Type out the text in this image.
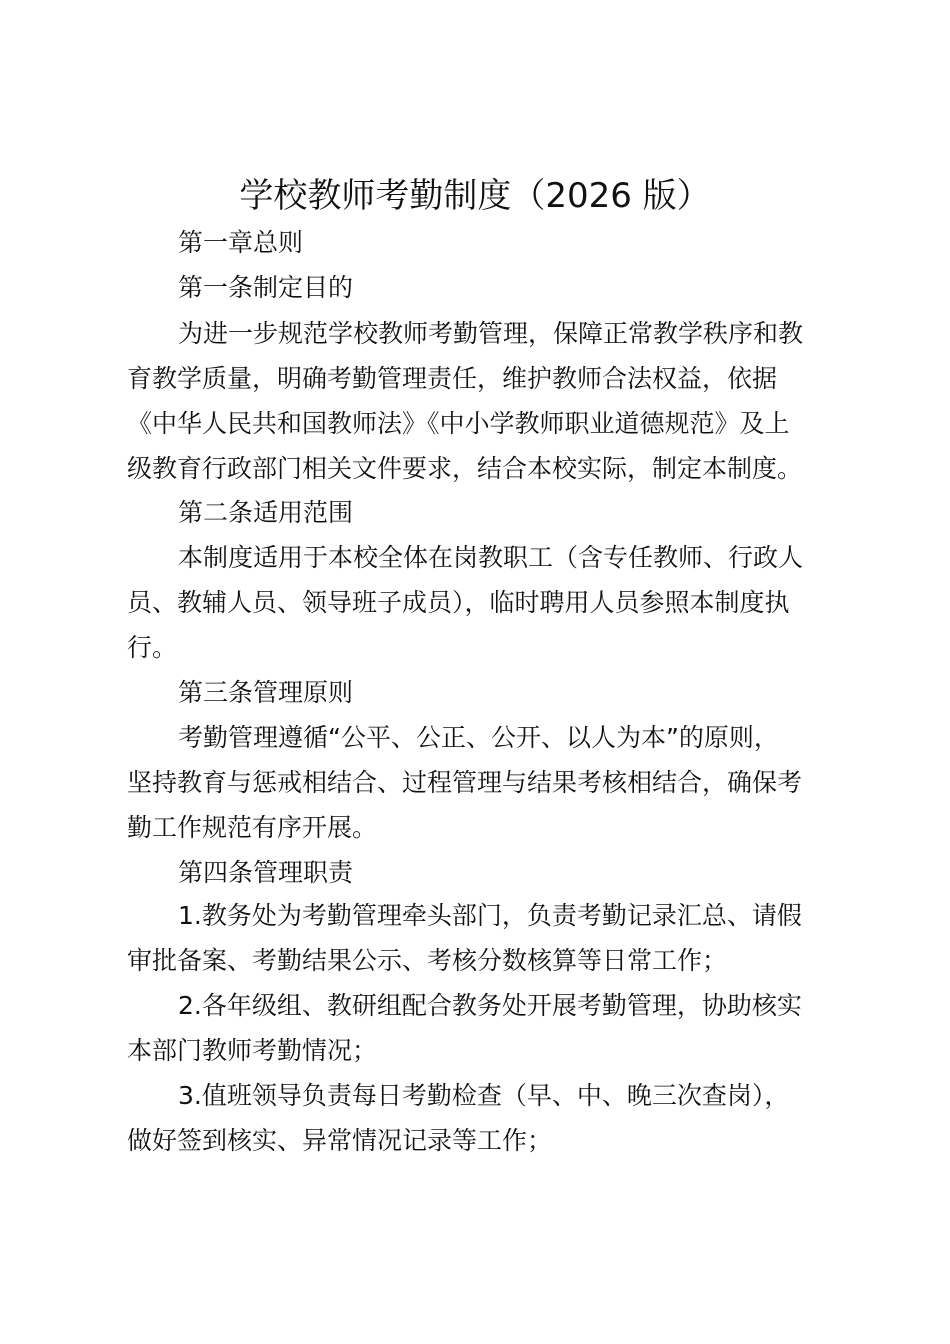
学校教师考勤制度（2026 版）

第一章总则

第一条制定目的

为进一步规范学校教师考勤管理，保障正常教学秩序和教

育教学质量，明确考勤管理责任，维护教师合法权益，依据

《中华人民共和国教师法》《中小学教师职业道德规范》及上

级教育行政部门相关文件要求，结合本校实际，制定本制度。

第二条适用范围

本制度适用于本校全体在岗教职工（含专任教师、行政人

员、教辅人员、领导班子成员），临时聘用人员参照本制度执

行。

第三条管理原则

考勤管理遵循“公平、公正、公开、以人为本”的原则，

坚持教育与惩戒相结合、过程管理与结果考核相结合，确保考

勤工作规范有序开展。

第四条管理职责

1.教务处为考勤管理牵头部门，负责考勤记录汇总、请假

审批备案、考勤结果公示、考核分数核算等日常工作；

2.各年级组、教研组配合教务处开展考勤管理，协助核实

本部门教师考勤情况；

3.值班领导负责每日考勤检查（早、中、晚三次查岗），

做好签到核实、异常情况记录等工作；
